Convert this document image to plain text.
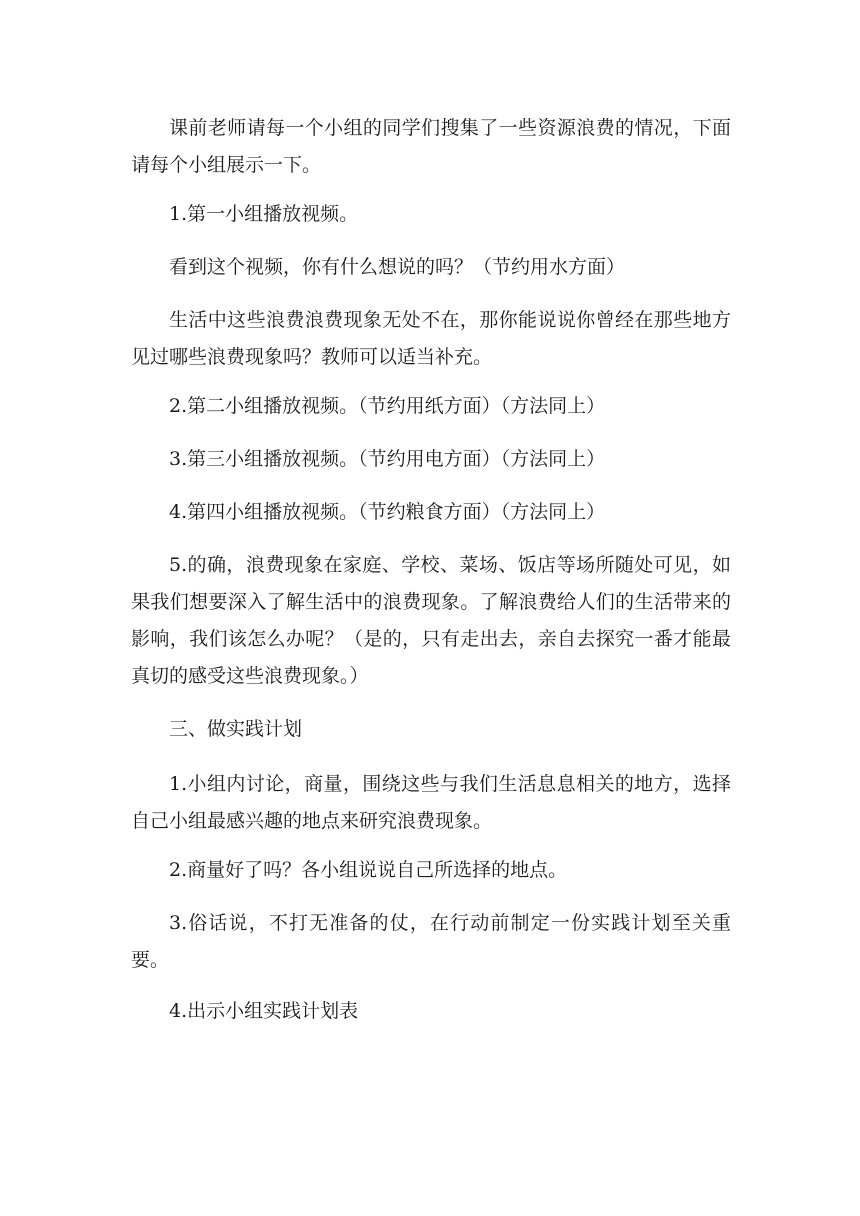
课前老师请每一个小组的同学们搜集了一些资源浪费的情况，下面请每个小组展示一下。

1.第一小组播放视频。

看到这个视频，你有什么想说的吗？（节约用水方面）

生活中这些浪费浪费现象无处不在，那你能说说你曾经在那些地方见过哪些浪费现象吗？教师可以适当补充。

2.第二小组播放视频。（节约用纸方面）（方法同上）

3.第三小组播放视频。（节约用电方面）（方法同上）

4.第四小组播放视频。（节约粮食方面）（方法同上）

5.的确，浪费现象在家庭、学校、菜场、饭店等场所随处可见，如果我们想要深入了解生活中的浪费现象。了解浪费给人们的生活带来的影响，我们该怎么办呢？（是的，只有走出去，亲自去探究一番才能最真切的感受这些浪费现象。）

三、做实践计划

1.小组内讨论，商量，围绕这些与我们生活息息相关的地方，选择自己小组最感兴趣的地点来研究浪费现象。

2.商量好了吗？各小组说说自己所选择的地点。

3.俗话说，不打无准备的仗，在行动前制定一份实践计划至关重要。

4.出示小组实践计划表
